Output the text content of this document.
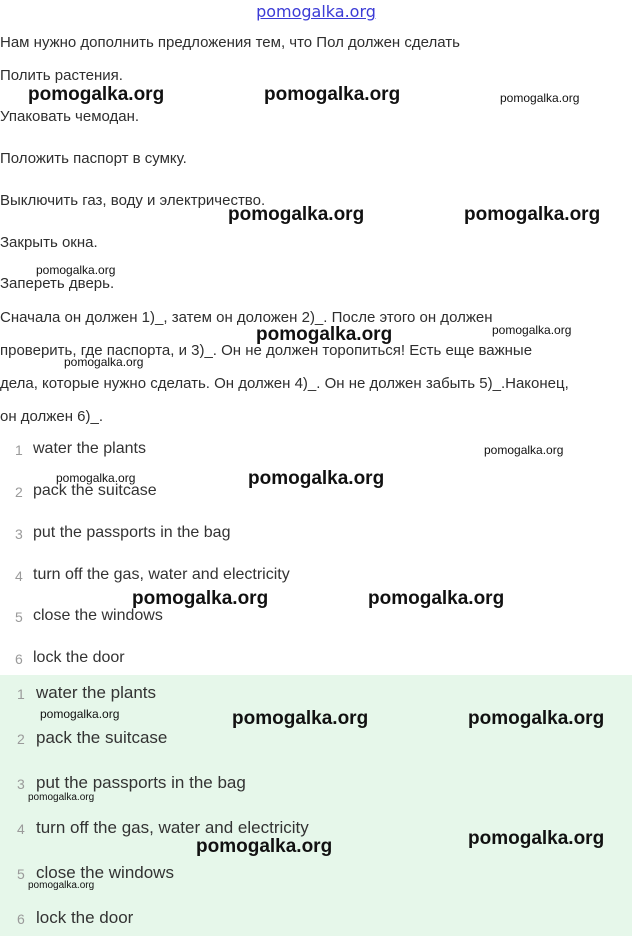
pomogalka.org
Нам нужно дополнить предложения тем, что Пол должен сделать
Полить растения.
Упаковать чемодан.
Положить паспорт в сумку.
Выключить газ, воду и электричество.
Закрыть окна.
Запереть дверь.
Сначала он должен 1)_, затем он доложен 2)_. После этого он должен
проверить, где паспорта, и 3)_. Он не должен торопиться! Есть еще важные
дела, которые нужно сделать. Он должен 4)_. Он не должен забыть 5)_.Наконец,
он должен 6)_.
1 water the plants
2 pack the suitcase
3 put the passports in the bag
4 turn off the gas, water and electricity
5 close the windows
6 lock the door
1 water the plants
2 pack the suitcase
3 put the passports in the bag
4 turn off the gas, water and electricity
5 close the windows
6 lock the door
pomogalka.org	pomogalka.org	pomogalka.org
pomogalka.org	pomogalka.org
pomogalka.org
pomogalka.org	pomogalka.org
pomogalka.org
pomogalka.org
pomogalka.org	pomogalka.org
pomogalka.org	pomogalka.org
pomogalka.org	pomogalka.org	pomogalka.org
pomogalka.org
pomogalka.org
pomogalka.org
pomogalka.org
